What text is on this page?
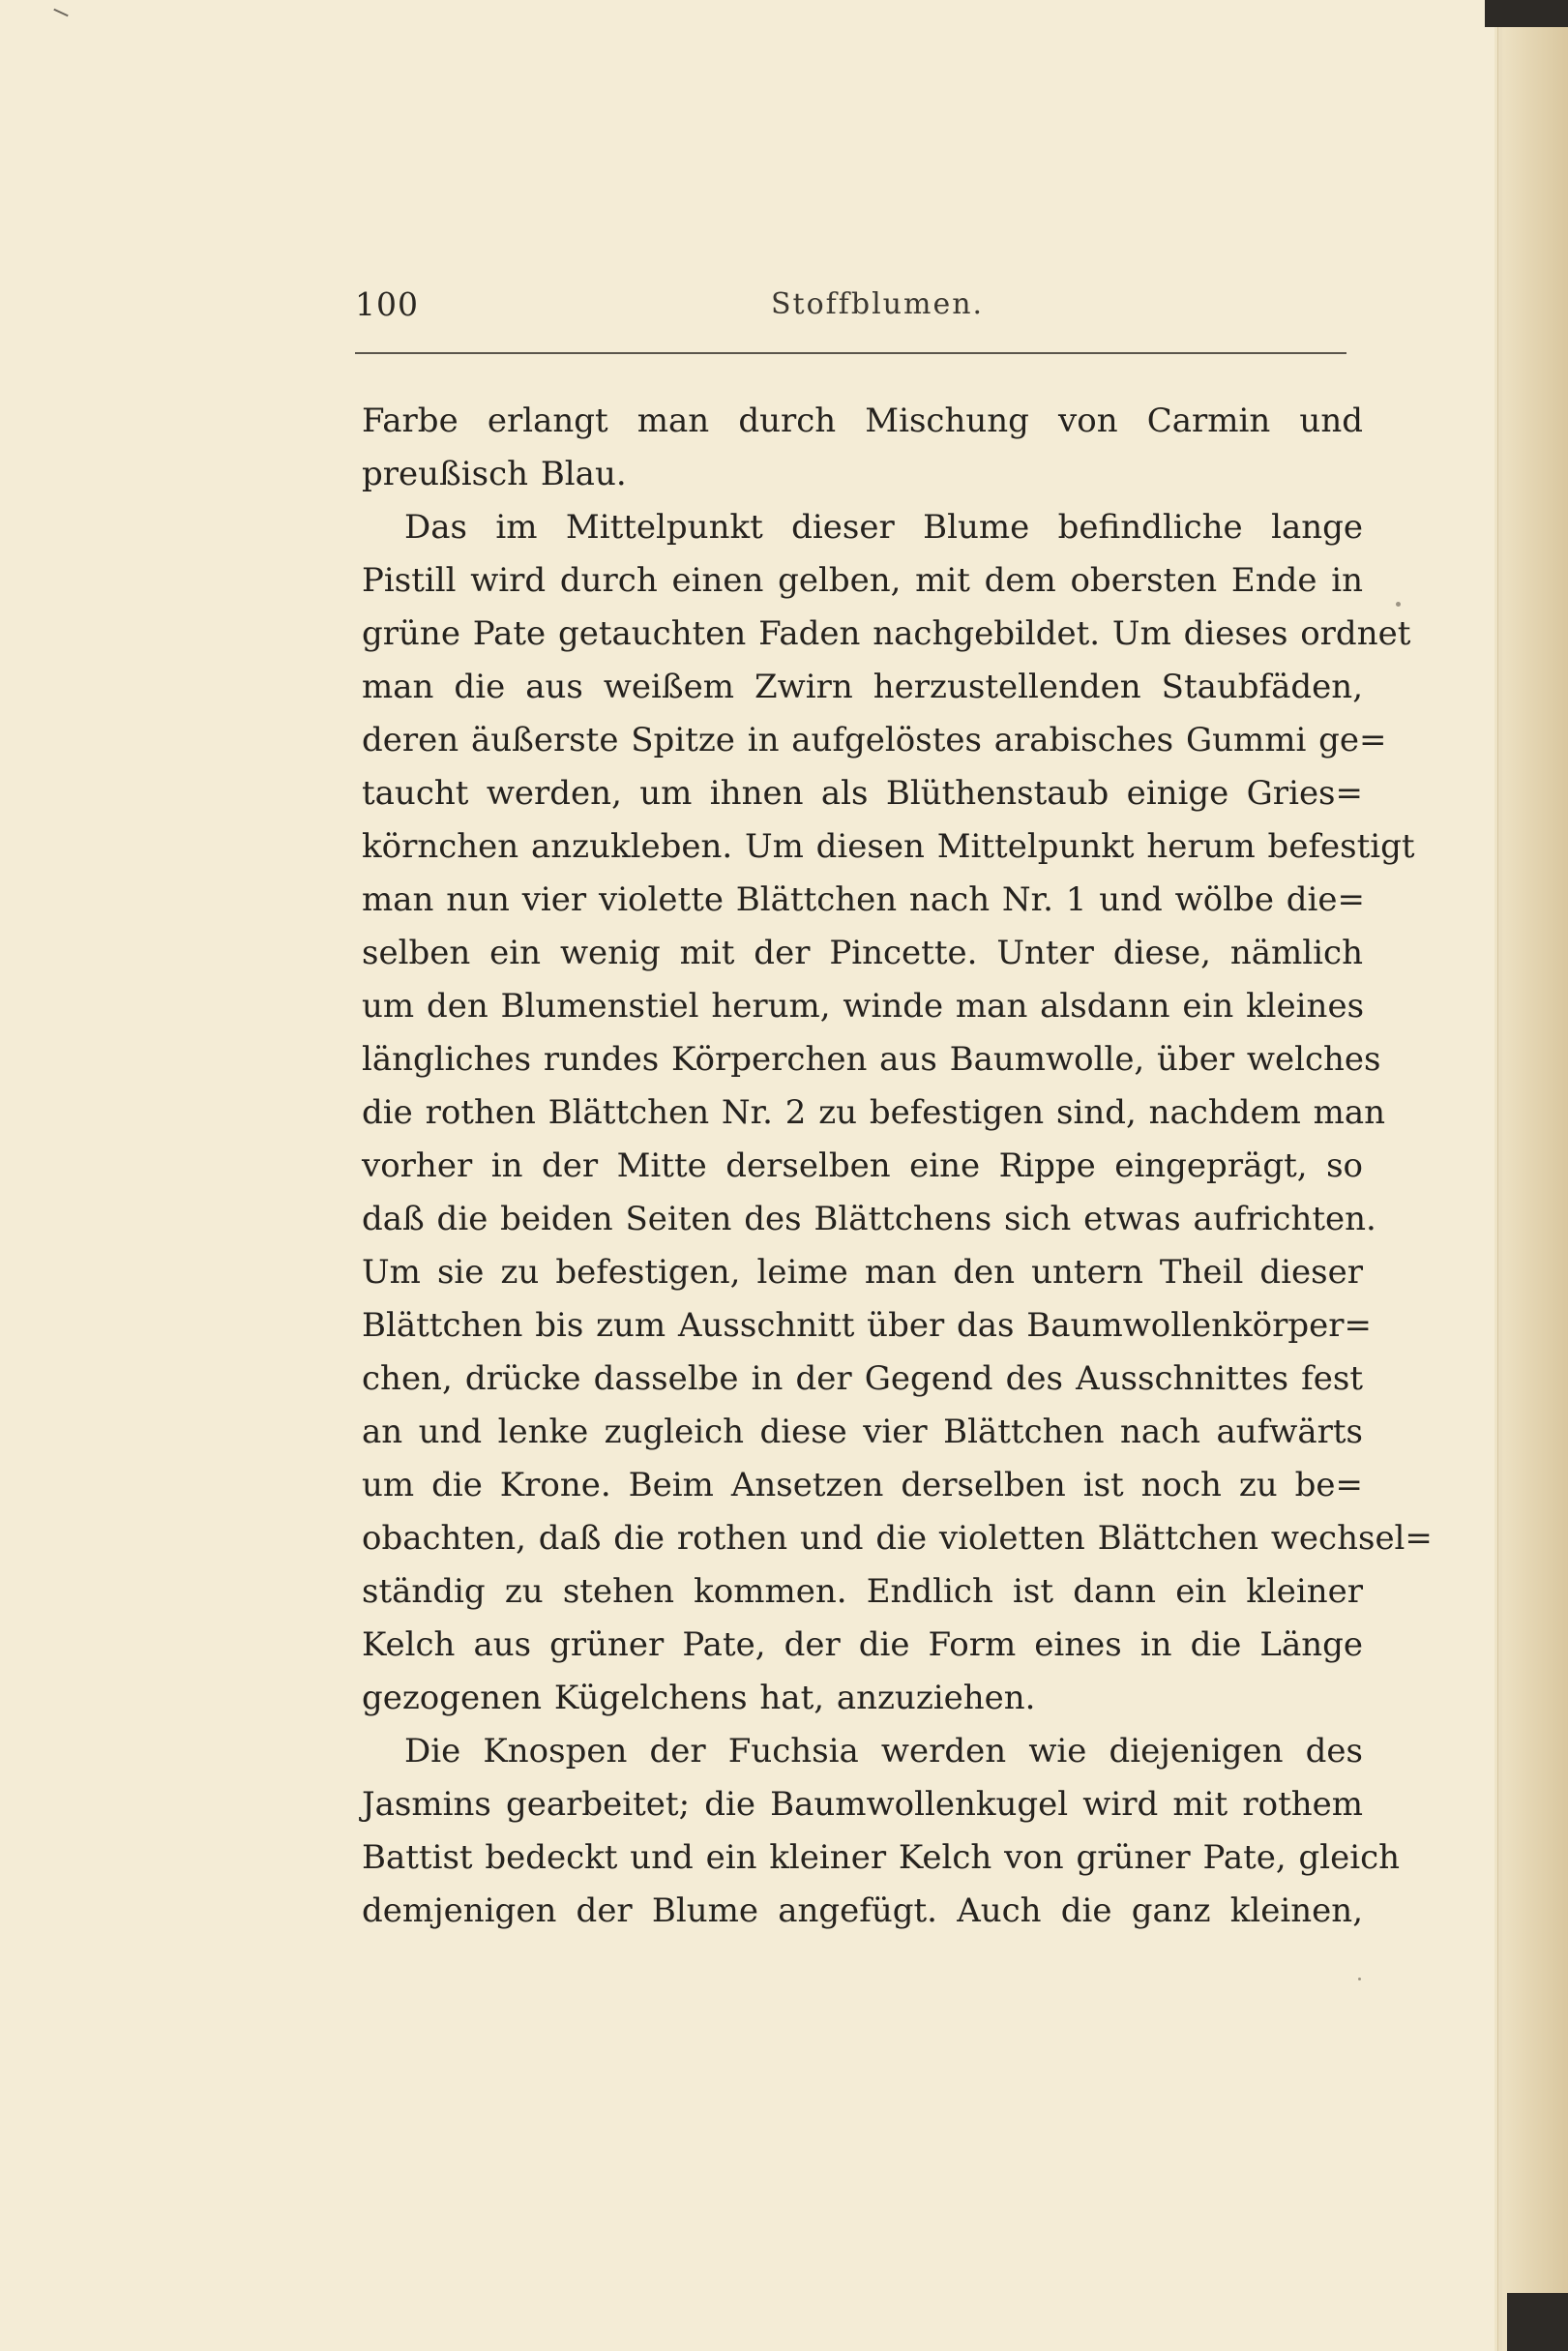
100	Stoffblumen.
Farbe erlangt man durch Mischung von Carmin und
preußisch Blau.
Das im Mittelpunkt dieser Blume befindliche lange
Pistill wird durch einen gelben, mit dem obersten Ende in
grüne Pate getauchten Faden nachgebildet. Um dieses ordnet
man die aus weißem Zwirn herzustellenden Staubfäden,
deren äußerste Spitze in aufgelöstes arabisches Gummi ge=
taucht werden, um ihnen als Blüthenstaub einige Gries=
körnchen anzukleben. Um diesen Mittelpunkt herum befestigt
man nun vier violette Blättchen nach Nr. 1 und wölbe die=
selben ein wenig mit der Pincette. Unter diese, nämlich
um den Blumenstiel herum, winde man alsdann ein kleines
längliches rundes Körperchen aus Baumwolle, über welches
die rothen Blättchen Nr. 2 zu befestigen sind, nachdem man
vorher in der Mitte derselben eine Rippe eingeprägt, so
daß die beiden Seiten des Blättchens sich etwas aufrichten.
Um sie zu befestigen, leime man den untern Theil dieser
Blättchen bis zum Ausschnitt über das Baumwollenkörper=
chen, drücke dasselbe in der Gegend des Ausschnittes fest
an und lenke zugleich diese vier Blättchen nach aufwärts
um die Krone. Beim Ansetzen derselben ist noch zu be=
obachten, daß die rothen und die violetten Blättchen wechsel=
ständig zu stehen kommen. Endlich ist dann ein kleiner
Kelch aus grüner Pate, der die Form eines in die Länge
gezogenen Kügelchens hat, anzuziehen.
Die Knospen der Fuchsia werden wie diejenigen des
Jasmins gearbeitet; die Baumwollenkugel wird mit rothem
Battist bedeckt und ein kleiner Kelch von grüner Pate, gleich
demjenigen der Blume angefügt. Auch die ganz kleinen,
